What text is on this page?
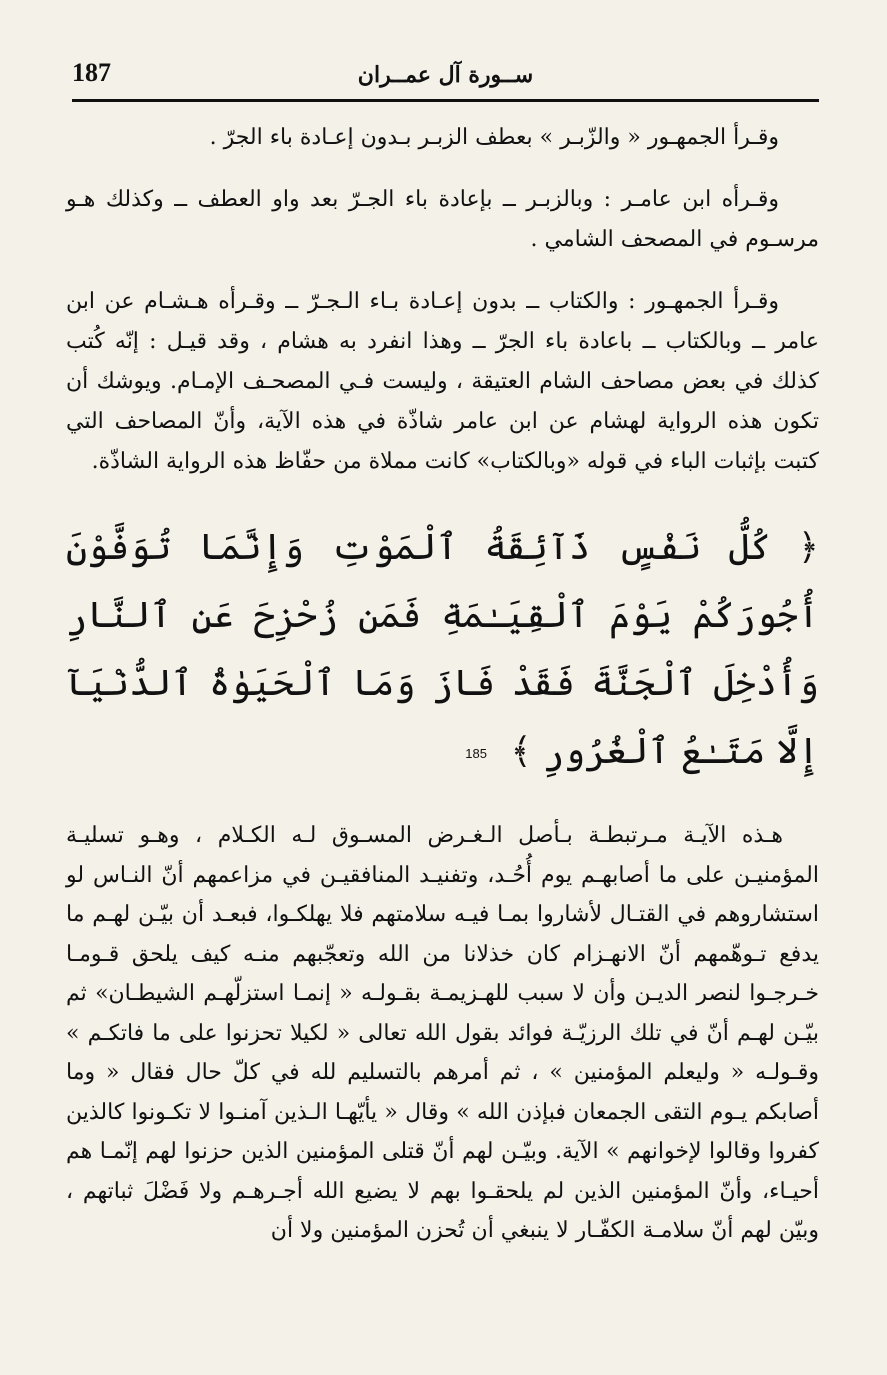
187	ســورة آل عمــران

وقـرأ الجمهـور « والزّبـر » بعطف الزبـر بـدون إعـادة باء الجرّ .

وقـرأه ابن عامـر : وبالزبـر ــ بإعادة باء الجـرّ بعد واو العطف ــ وكذلك هـو مرسـوم في المصحف الشامي .

وقـرأ الجمهـور : والكتاب ــ بدون إعـادة بـاء الـجـرّ ــ وقـرأه هـشـام عن ابن عامر ــ وبالكتاب ــ باعادة باء الجرّ ــ وهذا انفرد به هشام ، وقد قيـل : إنّه كُتب كذلك في بعض مصاحف الشام العتيقة ، وليست فـي المصحـف الإمـام. ويوشك أن تكون هذه الرواية لهشام عن ابن عامر شاذّة في هذه الآية، وأنّ المصاحف التي كتبت بإثبات الباء في قوله «وبالكتاب» كانت مملاة من حفّاظ هذه الرواية الشاذّة.

﴿ كُلُّ نَفْسٍ ذَآئِقَةُ ٱلْمَوْتِ وَإِنَّمَا تُوَفَّوْنَ أُجُورَكُمْ يَوْمَ ٱلْقِيَـٰمَةِ فَمَن زُحْزِحَ عَنِ ٱلنَّارِ وَأُدْخِلَ ٱلْجَنَّةَ فَقَدْ فَازَ وَمَا ٱلْحَيَوٰةُ ٱلدُّنْيَآ إِلَّا مَتَـٰعُ ٱلْغُرُورِ ﴾ 185

هـذه الآيـة مـرتبطـة بـأصل الـغـرض المسـوق لـه الكـلام ، وهـو تسليـة المؤمنيـن على ما أصابهـم يوم أُحُـد، وتفنيـد المنافقيـن في مزاعمهم أنّ النـاس لو استشاروهم في القتـال لأشاروا بمـا فيـه سلامتهم فلا يهلكـوا، فبعـد أن بيّـن لهـم ما يدفع تـوهّمهم أنّ الانهـزام كان خذلانا من الله وتعجّبهم منـه كيف يلحق قـومـا خـرجـوا لنصر الديـن وأن لا سبب للهـزيمـة بقـولـه « إنمـا استزلّهـم الشيطـان» ثم بيّـن لهـم أنّ في تلك الرزيّـة فوائد بقول الله تعالى « لكيلا تحزنوا على ما فاتكـم » وقـولـه « وليعلم المؤمنين » ، ثم أمرهم بالتسليم لله في كلّ حال فقال « وما أصابكم يـوم التقى الجمعان فبإذن الله » وقال « يأيّهـا الـذين آمنـوا لا تكـونوا كالذين كفروا وقالوا لإخوانهم » الآية. وبيّـن لهم أنّ قتلى المؤمنين الذين حزنوا لهم إنّمـا هم أحيـاء، وأنّ المؤمنين الذين لم يلحقـوا بهم لا يضيع الله أجـرهـم ولا فَضْلَ ثباتهم ، وبيّن لهم أنّ سلامـة الكفّـار لا ينبغي أن تُحزن المؤمنين ولا أن
